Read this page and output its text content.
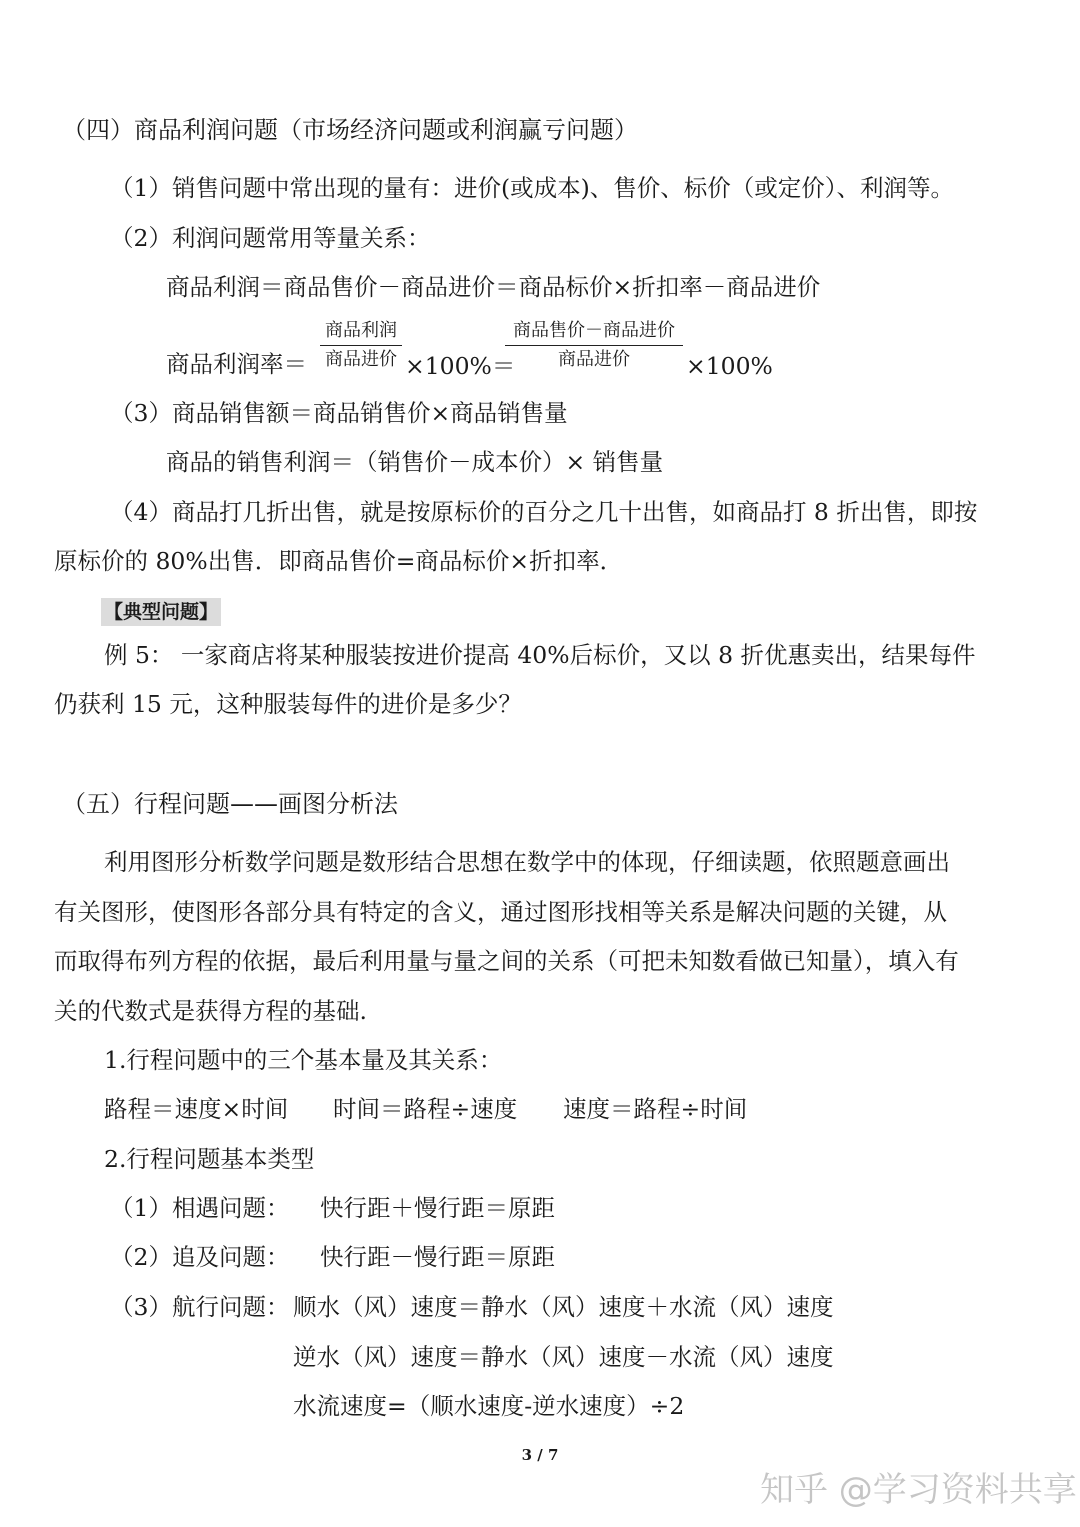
（四）商品利润问题（市场经济问题或利润赢亏问题）
（1）销售问题中常出现的量有：进价(或成本)、售价、标价（或定价）、利润等。
（2）利润问题常用等量关系：
商品利润＝商品售价－商品进价＝商品标价×折扣率－商品进价
商品利润率＝
商品利润
商品进价 ×100%＝
商品售价－商品进价
商品进价	×100%
（3）商品销售额＝商品销售价×商品销售量
商品的销售利润＝（销售价－成本价）× 销售量
（4）商品打几折出售，就是按原标价的百分之几十出售，如商品打 8 折出售，即按
原标价的 80%出售．即商品售价=商品标价×折扣率．
【典型问题】
例 5： 一家商店将某种服装按进价提高 40%后标价，又以 8 折优惠卖出，结果每件
仍获利 15 元，这种服装每件的进价是多少？
（五）行程问题——画图分析法
利用图形分析数学问题是数形结合思想在数学中的体现，仔细读题，依照题意画出
有关图形，使图形各部分具有特定的含义，通过图形找相等关系是解决问题的关键，从
而取得布列方程的依据，最后利用量与量之间的关系（可把未知数看做已知量），填入有
关的代数式是获得方程的基础.
1.行程问题中的三个基本量及其关系：
路程＝速度×时间 时间＝路程÷速度 速度＝路程÷时间
2.行程问题基本类型
（1）相遇问题： 快行距＋慢行距＝原距
（2）追及问题： 快行距－慢行距＝原距
（3）航行问题： 顺水（风）速度＝静水（风）速度＋水流（风）速度
逆水（风）速度＝静水（风）速度－水流（风）速度
水流速度=（顺水速度-逆水速度）÷2
3 / 7
知乎 @学习资料共享
